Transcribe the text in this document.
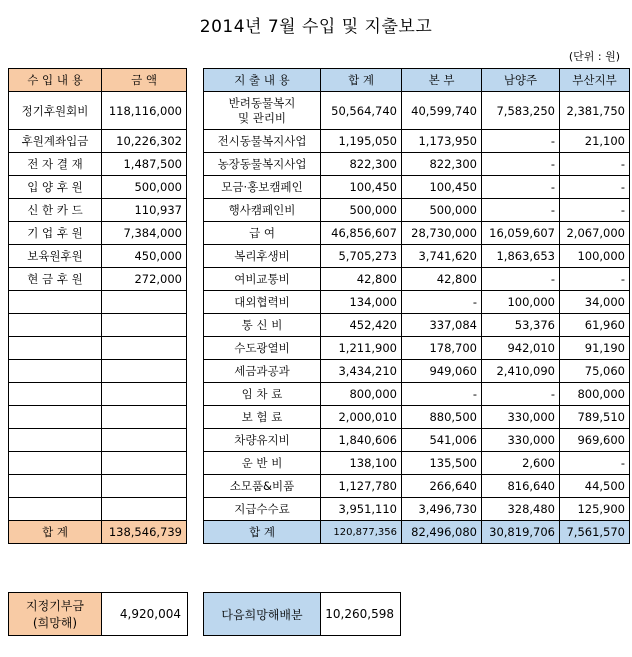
2014년 7월 수입 및 지출보고
(단위 : 원)
수 입 내 용	금 액
정기후원회비	118,116,000
후원계좌입금	10,226,302
전 자 결 재	1,487,500
입 양 후 원	500,000
신 한 카 드	110,937
기 업 후 원	7,384,000
보육원후원	450,000
현 금 후 원	272,000

합 계	138,546,739
지 출 내 용	합 계	본 부	남양주	부산지부
반려동물복지
및 관리비	50,564,740	40,599,740	7,583,250	2,381,750
전시동물복지사업	1,195,050	1,173,950	-	21,100
농장동물복지사업	822,300	822,300	-	-
모금·홍보캠페인	100,450	100,450	-	-
행사캠페인비	500,000	500,000	-	-
급 여	46,856,607	28,730,000	16,059,607	2,067,000
복리후생비	5,705,273	3,741,620	1,863,653	100,000
여비교통비	42,800	42,800	-	-
대외협력비	134,000	-	100,000	34,000
통 신 비	452,420	337,084	53,376	61,960
수도광열비	1,211,900	178,700	942,010	91,190
세금과공과	3,434,210	949,060	2,410,090	75,060
임 차 료	800,000	-	-	800,000
보 험 료	2,000,010	880,500	330,000	789,510
차량유지비	1,840,606	541,006	330,000	969,600
운 반 비	138,100	135,500	2,600	-
소모품&비품	1,127,780	266,640	816,640	44,500
지급수수료	3,951,110	3,496,730	328,480	125,900
합 계	120,877,356	82,496,080	30,819,706	7,561,570
지정기부금
(희망해)
4,920,004	다음희망해배분	10,260,598
